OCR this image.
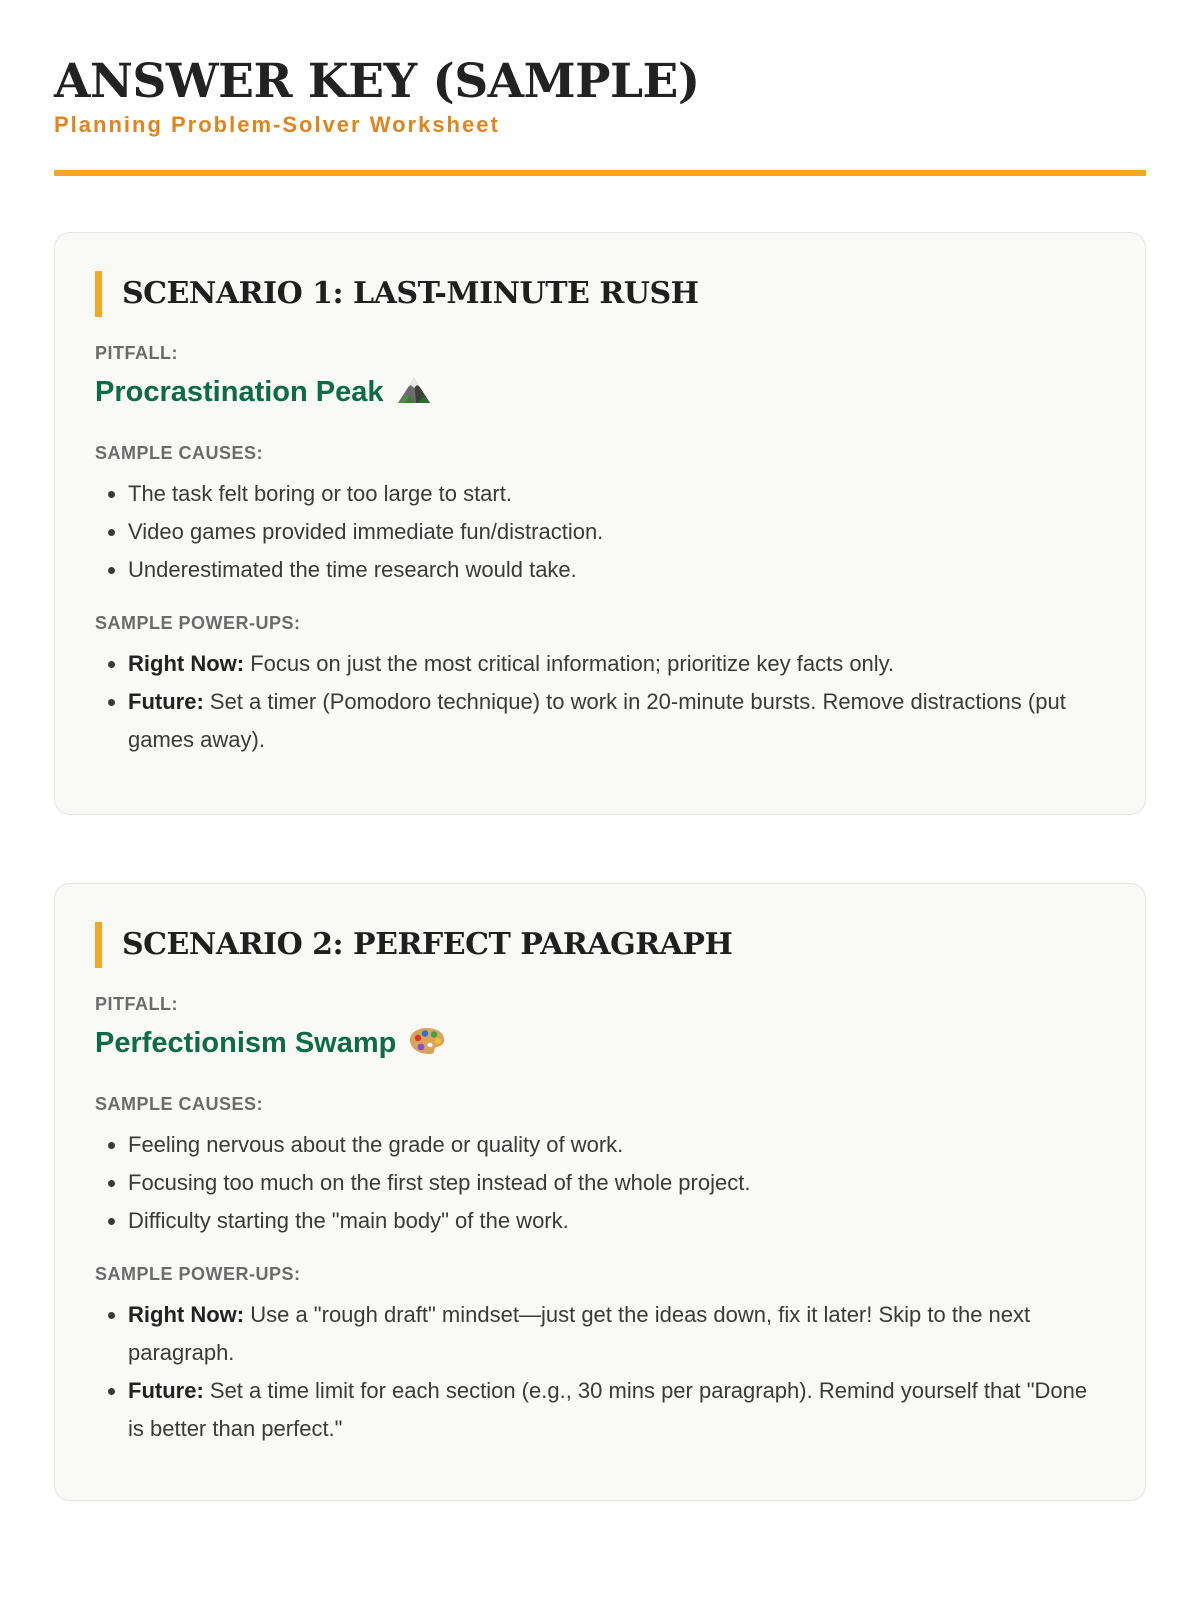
ANSWER KEY (SAMPLE)
Planning Problem-Solver Worksheet
SCENARIO 1: LAST-MINUTE RUSH
PITFALL:
Procrastination Peak
SAMPLE CAUSES:
• The task felt boring or too large to start.
• Video games provided immediate fun/distraction.
• Underestimated the time research would take.
SAMPLE POWER-UPS:
• Right Now: Focus on just the most critical information; prioritize key facts only.
• Future: Set a timer (Pomodoro technique) to work in 20-minute bursts. Remove distractions (put games away).
SCENARIO 2: PERFECT PARAGRAPH
PITFALL:
Perfectionism Swamp
SAMPLE CAUSES:
• Feeling nervous about the grade or quality of work.
• Focusing too much on the first step instead of the whole project.
• Difficulty starting the "main body" of the work.
SAMPLE POWER-UPS:
• Right Now: Use a "rough draft" mindset—just get the ideas down, fix it later! Skip to the next paragraph.
• Future: Set a time limit for each section (e.g., 30 mins per paragraph). Remind yourself that "Done is better than perfect."
